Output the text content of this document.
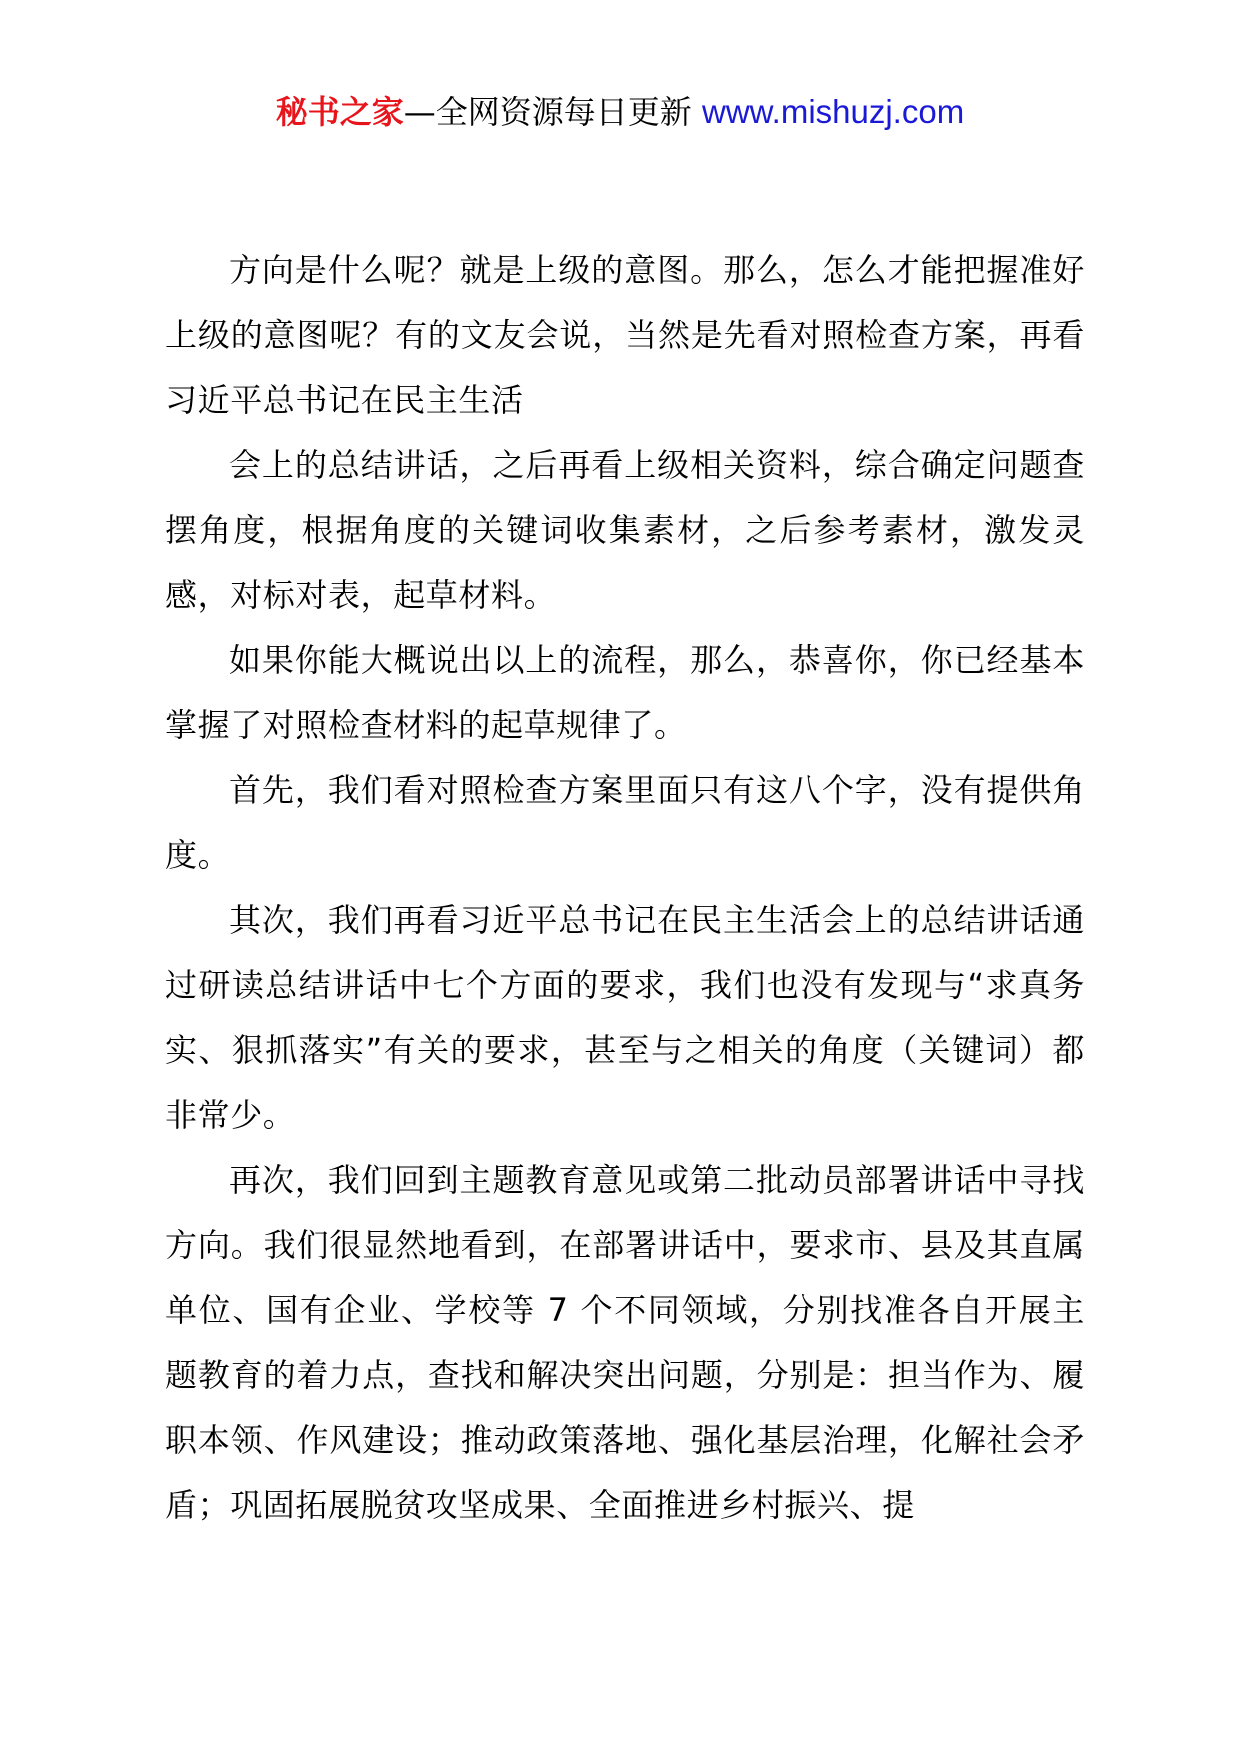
秘书之家—全网资源每日更新 www.mishuzj.com

方向是什么呢？就是上级的意图。那么，怎么才能把握准好上级的意图呢？有的文友会说，当然是先看对照检查方案，再看习近平总书记在民主生活

会上的总结讲话，之后再看上级相关资料，综合确定问题查摆角度，根据角度的关键词收集素材，之后参考素材，激发灵感，对标对表，起草材料。

如果你能大概说出以上的流程，那么，恭喜你，你已经基本掌握了对照检查材料的起草规律了。

首先，我们看对照检查方案里面只有这八个字，没有提供角度。

其次，我们再看习近平总书记在民主生活会上的总结讲话通过研读总结讲话中七个方面的要求，我们也没有发现与“求真务实、狠抓落实”有关的要求，甚至与之相关的角度（关键词）都非常少。

再次，我们回到主题教育意见或第二批动员部署讲话中寻找方向。我们很显然地看到，在部署讲话中，要求市、县及其直属单位、国有企业、学校等 7 个不同领域，分别找准各自开展主题教育的着力点，查找和解决突出问题，分别是：担当作为、履职本领、作风建设；推动政策落地、强化基层治理，化解社会矛盾；巩固拓展脱贫攻坚成果、全面推进乡村振兴、提
